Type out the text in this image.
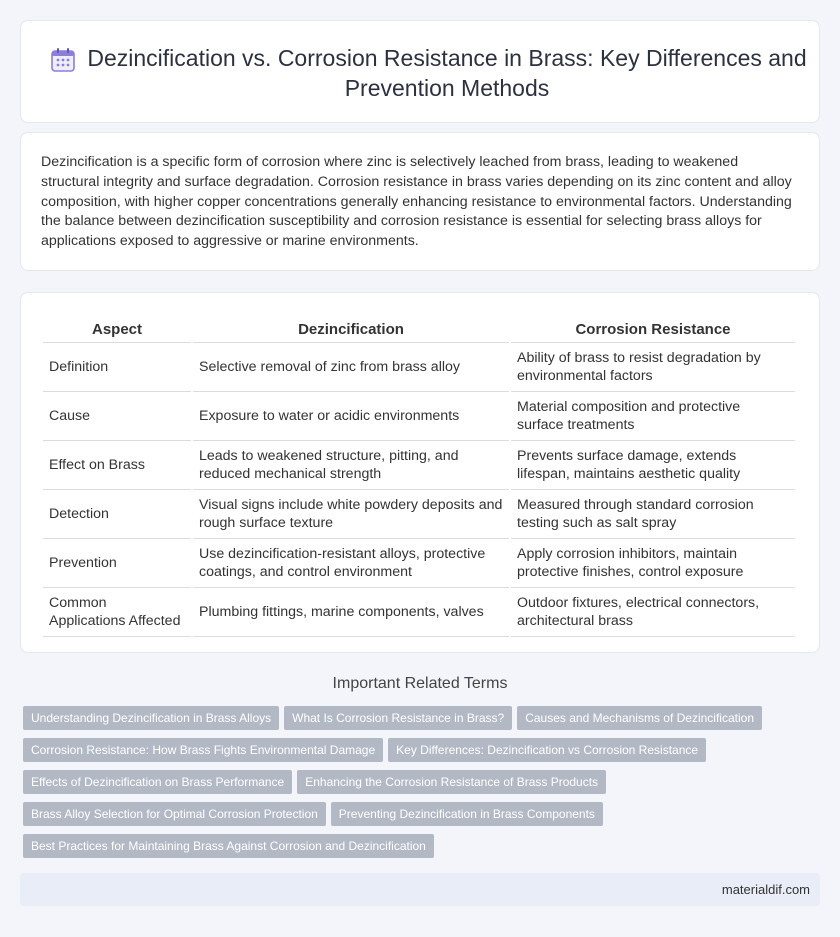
Dezincification vs. Corrosion Resistance in Brass: Key Differences and Prevention Methods

Dezincification is a specific form of corrosion where zinc is selectively leached from brass, leading to weakened structural integrity and surface degradation. Corrosion resistance in brass varies depending on its zinc content and alloy composition, with higher copper concentrations generally enhancing resistance to environmental factors. Understanding the balance between dezincification susceptibility and corrosion resistance is essential for selecting brass alloys for applications exposed to aggressive or marine environments.

Aspect	Dezincification	Corrosion Resistance
Definition	Selective removal of zinc from brass alloy	Ability of brass to resist degradation by environmental factors
Cause	Exposure to water or acidic environments	Material composition and protective surface treatments
Effect on Brass	Leads to weakened structure, pitting, and reduced mechanical strength	Prevents surface damage, extends lifespan, maintains aesthetic quality
Detection	Visual signs include white powdery deposits and rough surface texture	Measured through standard corrosion testing such as salt spray
Prevention	Use dezincification-resistant alloys, protective coatings, and control environment	Apply corrosion inhibitors, maintain protective finishes, control exposure
Common Applications Affected	Plumbing fittings, marine components, valves	Outdoor fixtures, electrical connectors, architectural brass
Important Related Terms
Understanding Dezincification in Brass Alloys What Is Corrosion Resistance in Brass? Causes and Mechanisms of Dezincification
Corrosion Resistance: How Brass Fights Environmental Damage Key Differences: Dezincification vs Corrosion Resistance
Effects of Dezincification on Brass Performance Enhancing the Corrosion Resistance of Brass Products
Brass Alloy Selection for Optimal Corrosion Protection Preventing Dezincification in Brass Components
Best Practices for Maintaining Brass Against Corrosion and Dezincification
materialdif.com
